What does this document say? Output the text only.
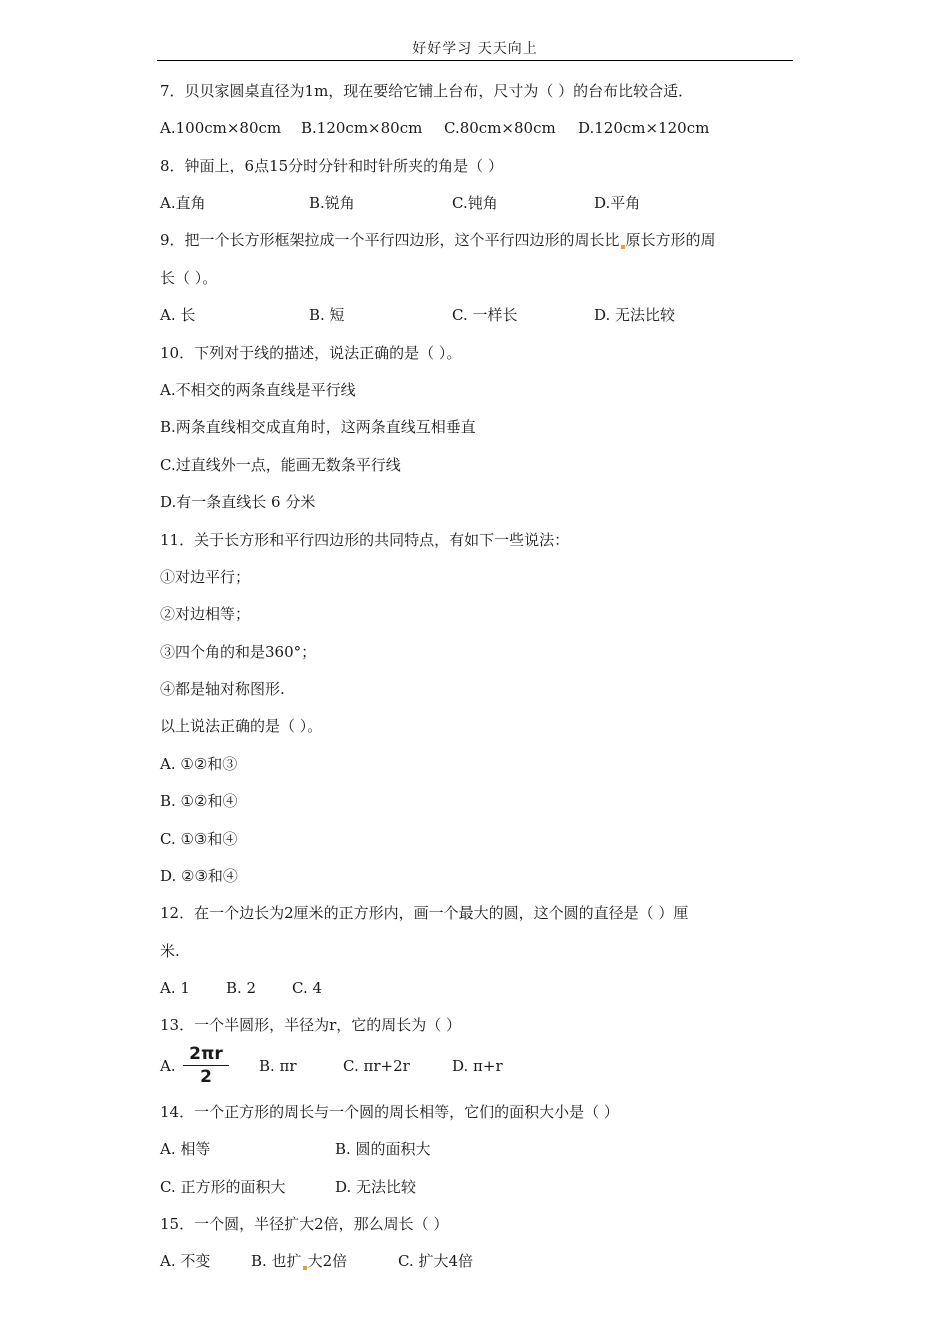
好好学习 天天向上
7．贝贝家圆桌直径为1m，现在要给它铺上台布，尺寸为（ ）的台布比较合适．
A.100cm×80cm B.120cm×80cm C.80cm×80cm D.120cm×120cm
8．钟面上，6点15分时分针和时针所夹的角是（ ）
A.直角	B.锐角	C.钝角	D.平角
9．把一个长方形框架拉成一个平行四边形，这个平行四边形的周长比 原长方形的周
长（ ）。
A. 长	B. 短	C. 一样长	D. 无法比较
10．下列对于线的描述，说法正确的是（ ）。
A.不相交的两条直线是平行线
B.两条直线相交成直角时，这两条直线互相垂直
C.过直线外一点，能画无数条平行线
D.有一条直线长 6 分米
11．关于长方形和平行四边形的共同特点，有如下一些说法：
①对边平行；
②对边相等；
③四个角的和是360°；
④都是轴对称图形.
以上说法正确的是（ ）。
A. ①②和③
B. ①②和④
C. ①③和④
D. ②③和④
12．在一个边长为2厘米的正方形内，画一个最大的圆，这个圆的直径是（ ）厘
米.
A. 1 B. 2 C. 4
13．一个半圆形，半径为r，它的周长为（ ）
A. $\frac{2\pi r}{2} B$. πr	C. πr+2r	D. π+r
14．一个正方形的周长与一个圆的周长相等，它们的面积大小是（ ）
A. 相等	B. 圆的面积大
C. 正方形的面积大	D. 无法比较
15．一个圆，半径扩大2倍，那么周长（ ）
A. 不变	B. 也扩 大2倍	C. 扩大4倍
